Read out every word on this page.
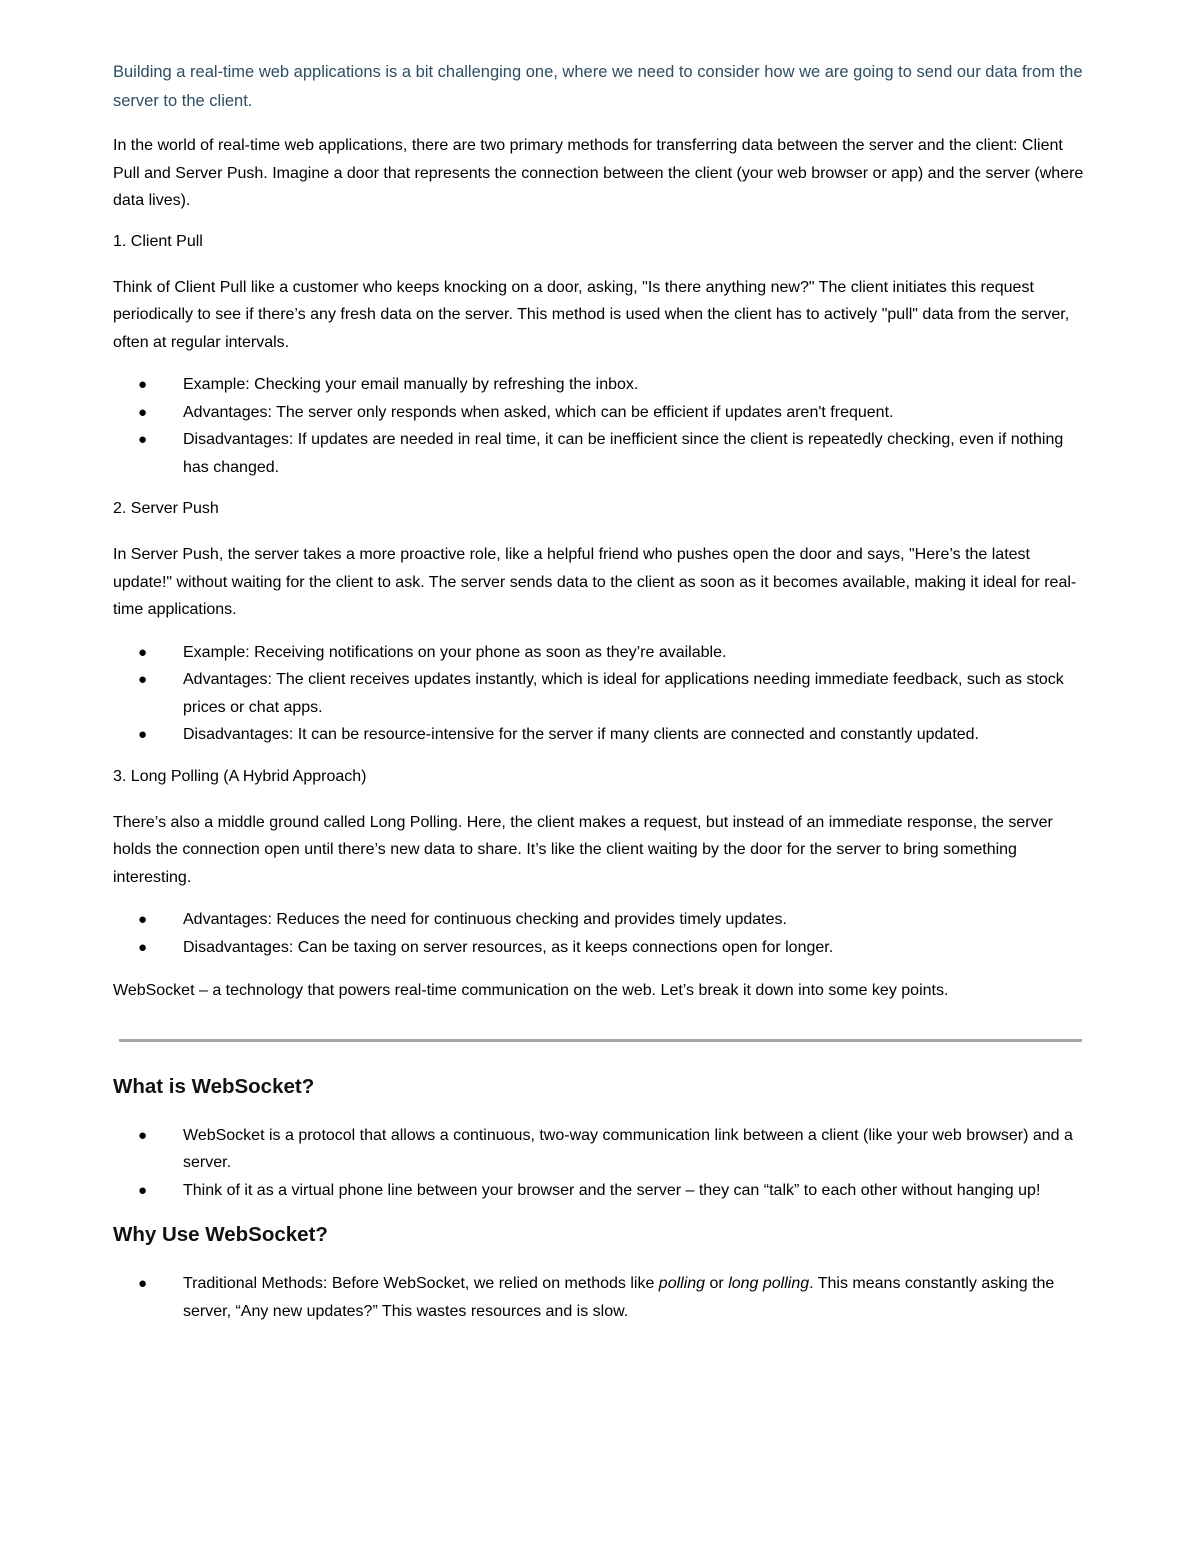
Building a real-time web applications is a bit challenging one, where we need to consider how we are going to send our data from the server to the client.

In the world of real-time web applications, there are two primary methods for transferring data between the server and the client: Client Pull and Server Push. Imagine a door that represents the connection between the client (your web browser or app) and the server (where data lives).

1. Client Pull

Think of Client Pull like a customer who keeps knocking on a door, asking, "Is there anything new?" The client initiates this request periodically to see if there’s any fresh data on the server. This method is used when the client has to actively "pull" data from the server, often at regular intervals.

● Example: Checking your email manually by refreshing the inbox.
● Advantages: The server only responds when asked, which can be efficient if updates aren't frequent.
● Disadvantages: If updates are needed in real time, it can be inefficient since the client is repeatedly checking, even if nothing has changed.

2. Server Push

In Server Push, the server takes a more proactive role, like a helpful friend who pushes open the door and says, "Here’s the latest update!" without waiting for the client to ask. The server sends data to the client as soon as it becomes available, making it ideal for real-time applications.

● Example: Receiving notifications on your phone as soon as they’re available.
● Advantages: The client receives updates instantly, which is ideal for applications needing immediate feedback, such as stock prices or chat apps.
● Disadvantages: It can be resource-intensive for the server if many clients are connected and constantly updated.

3. Long Polling (A Hybrid Approach)

There’s also a middle ground called Long Polling. Here, the client makes a request, but instead of an immediate response, the server holds the connection open until there’s new data to share. It’s like the client waiting by the door for the server to bring something interesting.

● Advantages: Reduces the need for continuous checking and provides timely updates.
● Disadvantages: Can be taxing on server resources, as it keeps connections open for longer.

WebSocket – a technology that powers real-time communication on the web. Let’s break it down into some key points.

What is WebSocket?
● WebSocket is a protocol that allows a continuous, two-way communication link between a client (like your web browser) and a server.
● Think of it as a virtual phone line between your browser and the server – they can “talk” to each other without hanging up!
Why Use WebSocket?
● Traditional Methods: Before WebSocket, we relied on methods like polling or long polling. This means constantly asking the server, “Any new updates?” This wastes resources and is slow.
